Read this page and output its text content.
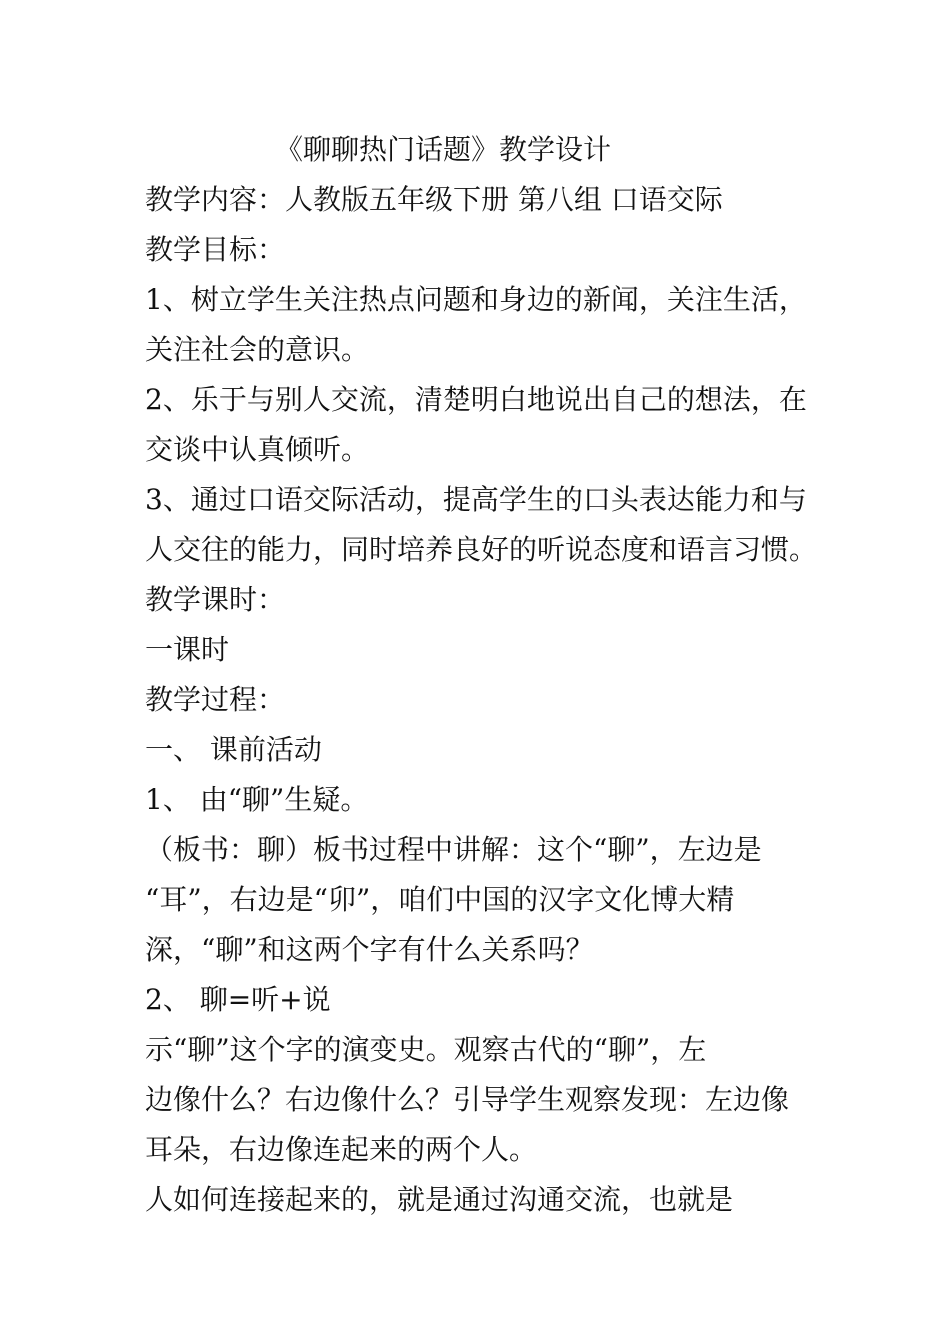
《聊聊热门话题》教学设计
教学内容：人教版五年级下册 第八组 口语交际
教学目标：
1、树立学生关注热点问题和身边的新闻，关注生活，
关注社会的意识。
2、乐于与别人交流，清楚明白地说出自己的想法，在
交谈中认真倾听。
3、通过口语交际活动，提高学生的口头表达能力和与
人交往的能力，同时培养良好的听说态度和语言习惯。
教学课时：
一课时
教学过程：
一、 课前活动
1、 由“聊”生疑。
（板书：聊）板书过程中讲解：这个“聊”，左边是
“耳”，右边是“卯”，咱们中国的汉字文化博大精
深，“聊”和这两个字有什么关系吗？
2、 聊=听+说
示“聊”这个字的演变史。观察古代的“聊”，左
边像什么？右边像什么？引导学生观察发现：左边像
耳朵，右边像连起来的两个人。
人如何连接起来的，就是通过沟通交流，也就是
